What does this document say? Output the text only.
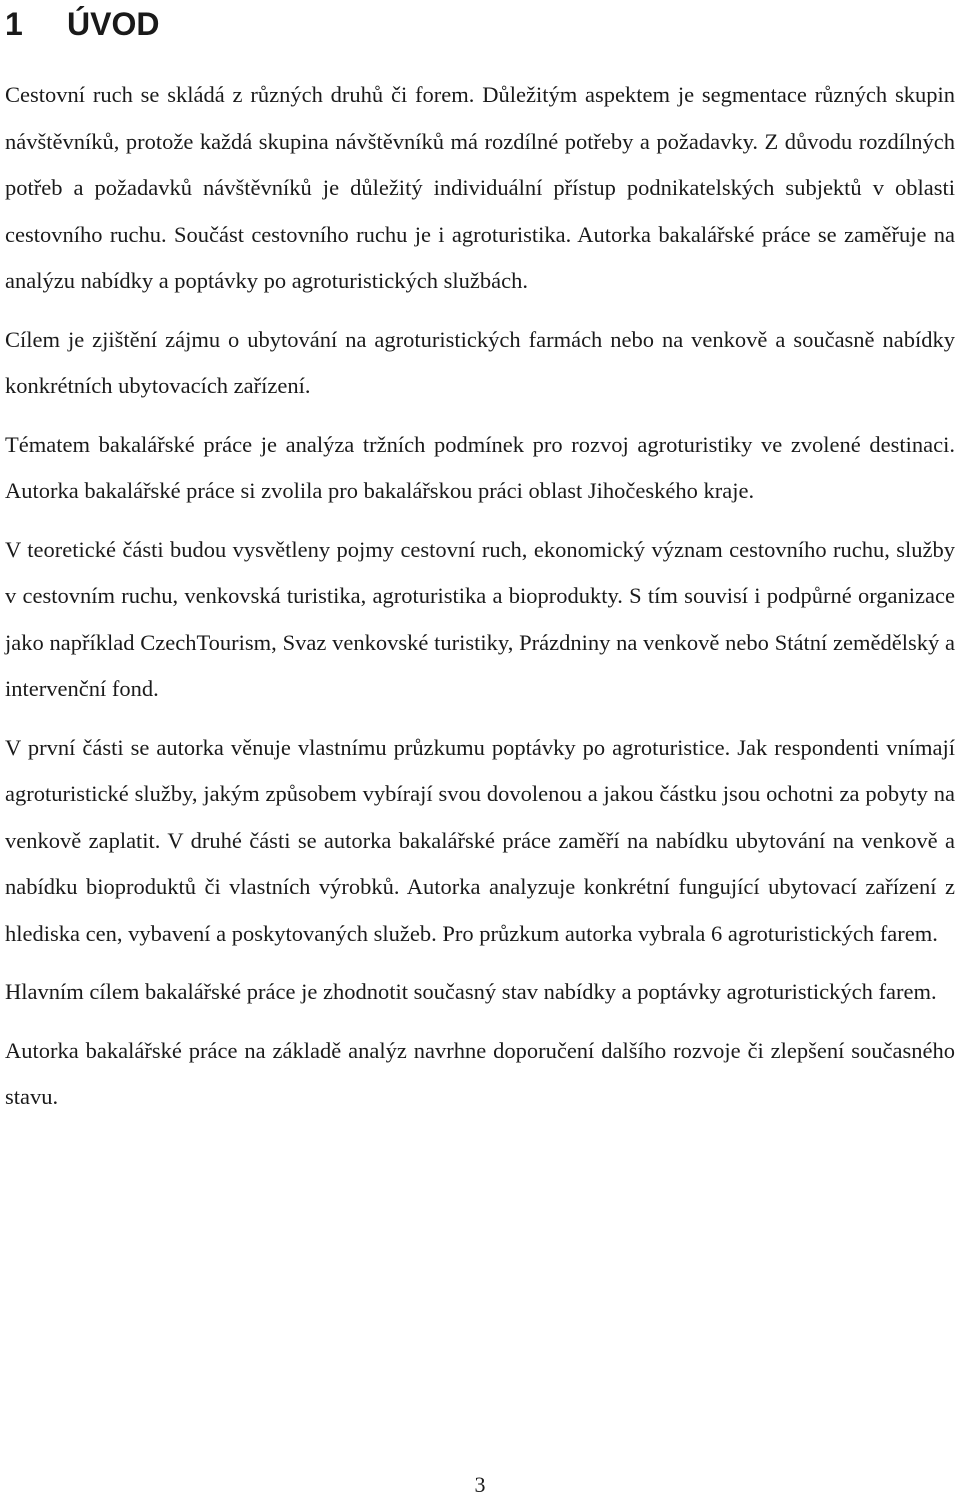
1 ÚVOD

Cestovní ruch se skládá z různých druhů či forem. Důležitým aspektem je segmentace různých skupin návštěvníků, protože každá skupina návštěvníků má rozdílné potřeby a požadavky. Z důvodu rozdílných potřeb a požadavků návštěvníků je důležitý individuální přístup podnikatelských subjektů v oblasti cestovního ruchu. Součást cestovního ruchu je i agroturistika. Autorka bakalářské práce se zaměřuje na analýzu nabídky a poptávky po agroturistických službách.

Cílem je zjištění zájmu o ubytování na agroturistických farmách nebo na venkově a současně nabídky konkrétních ubytovacích zařízení.

Tématem bakalářské práce je analýza tržních podmínek pro rozvoj agroturistiky ve zvolené destinaci. Autorka bakalářské práce si zvolila pro bakalářskou práci oblast Jihočeského kraje.

V teoretické části budou vysvětleny pojmy cestovní ruch, ekonomický význam cestovního ruchu, služby v cestovním ruchu, venkovská turistika, agroturistika a bioprodukty. S tím souvisí i podpůrné organizace jako například CzechTourism, Svaz venkovské turistiky, Prázdniny na venkově nebo Státní zemědělský a intervenční fond.

V první části se autorka věnuje vlastnímu průzkumu poptávky po agroturistice. Jak respondenti vnímají agroturistické služby, jakým způsobem vybírají svou dovolenou a jakou částku jsou ochotni za pobyty na venkově zaplatit. V druhé části se autorka bakalářské práce zaměří na nabídku ubytování na venkově a nabídku bioproduktů či vlastních výrobků. Autorka analyzuje konkrétní fungující ubytovací zařízení z hlediska cen, vybavení a poskytovaných služeb. Pro průzkum autorka vybrala 6 agroturistických farem.

Hlavním cílem bakalářské práce je zhodnotit současný stav nabídky a poptávky agroturistických farem.

Autorka bakalářské práce na základě analýz navrhne doporučení dalšího rozvoje či zlepšení současného stavu.

3
